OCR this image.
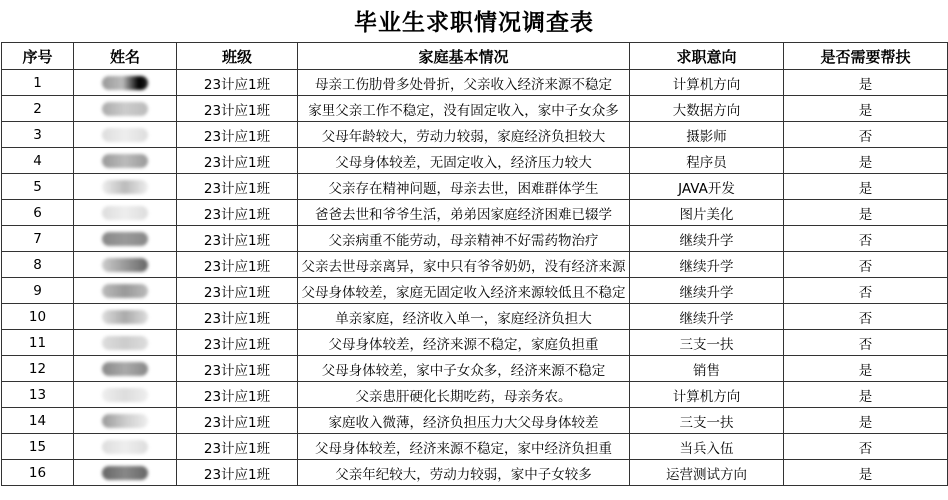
毕业生求职情况调查表
序号	姓名	班级	家庭基本情况	求职意向	是否需要帮扶
1		23计应1班	母亲工伤肋骨多处骨折，父亲收入经济来源不稳定	计算机方向	是
2		23计应1班	家里父亲工作不稳定，没有固定收入，家中子女众多	大数据方向	是
3		23计应1班	父母年龄较大，劳动力较弱，家庭经济负担较大	摄影师	否
4		23计应1班	父母身体较差，无固定收入，经济压力较大	程序员	是
5		23计应1班	父亲存在精神问题，母亲去世，困难群体学生	JAVA开发	是
6		23计应1班	爸爸去世和爷爷生活，弟弟因家庭经济困难已辍学	图片美化	是
7		23计应1班	父亲病重不能劳动，母亲精神不好需药物治疗	继续升学	否
8		23计应1班	父亲去世母亲离异，家中只有爷爷奶奶，没有经济来源	继续升学	否
9		23计应1班	父母身体较差，家庭无固定收入经济来源较低且不稳定	继续升学	否
10		23计应1班	单亲家庭，经济收入单一，家庭经济负担大	继续升学	否
11		23计应1班	父母身体较差，经济来源不稳定，家庭负担重	三支一扶	否
12		23计应1班	父母身体较差，家中子女众多，经济来源不稳定	销售	是
13		23计应1班	父亲患肝硬化长期吃药，母亲务农。	计算机方向	是
14		23计应1班	家庭收入微薄，经济负担压力大父母身体较差	三支一扶	是
15		23计应1班	父母身体较差，经济来源不稳定，家中经济负担重	当兵入伍	否
16		23计应1班	父亲年纪较大，劳动力较弱，家中子女较多	运营测试方向	是
